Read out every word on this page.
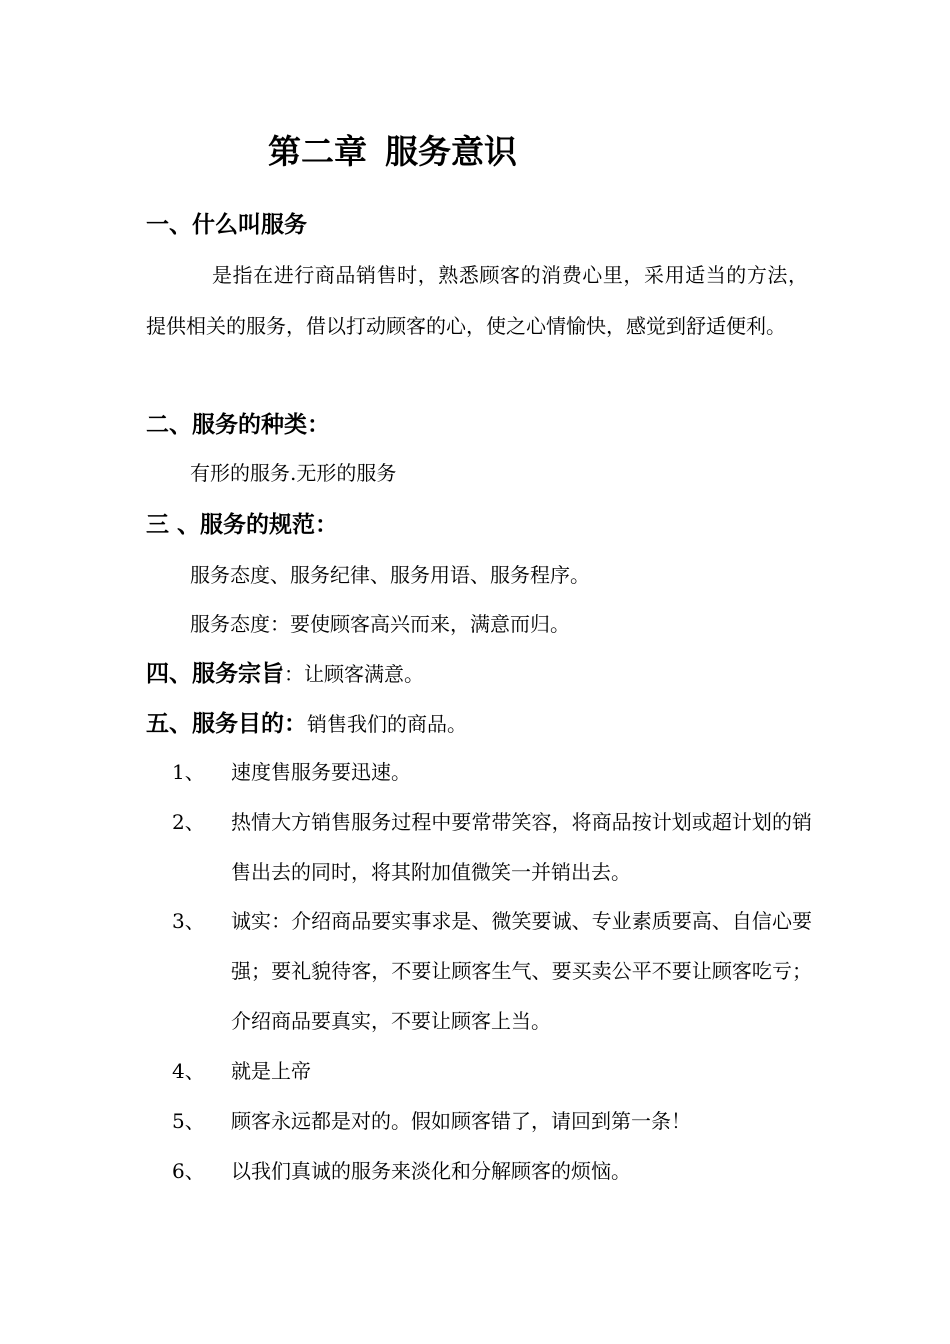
第二章 服务意识
一、什么叫服务
是指在进行商品销售时，熟悉顾客的消费心里，采用适当的方法，提供相关的服务，借以打动顾客的心，使之心情愉快，感觉到舒适便利。
二、服务的种类：
有形的服务.无形的服务
三 、服务的规范：
服务态度、服务纪律、服务用语、服务程序。
服务态度：要使顾客高兴而来，满意而归。
四、服务宗旨：让顾客满意。
五、服务目的：销售我们的商品。
1、	速度售服务要迅速。
2、	热情大方销售服务过程中要常带笑容，将商品按计划或超计划的销售出去的同时，将其附加值微笑一并销出去。
3、	诚实：介绍商品要实事求是、微笑要诚、专业素质要高、自信心要强；要礼貌待客，不要让顾客生气、要买卖公平不要让顾客吃亏；介绍商品要真实，不要让顾客上当。
4、	就是上帝
5、	顾客永远都是对的。假如顾客错了，请回到第一条！
6、	以我们真诚的服务来淡化和分解顾客的烦恼。
